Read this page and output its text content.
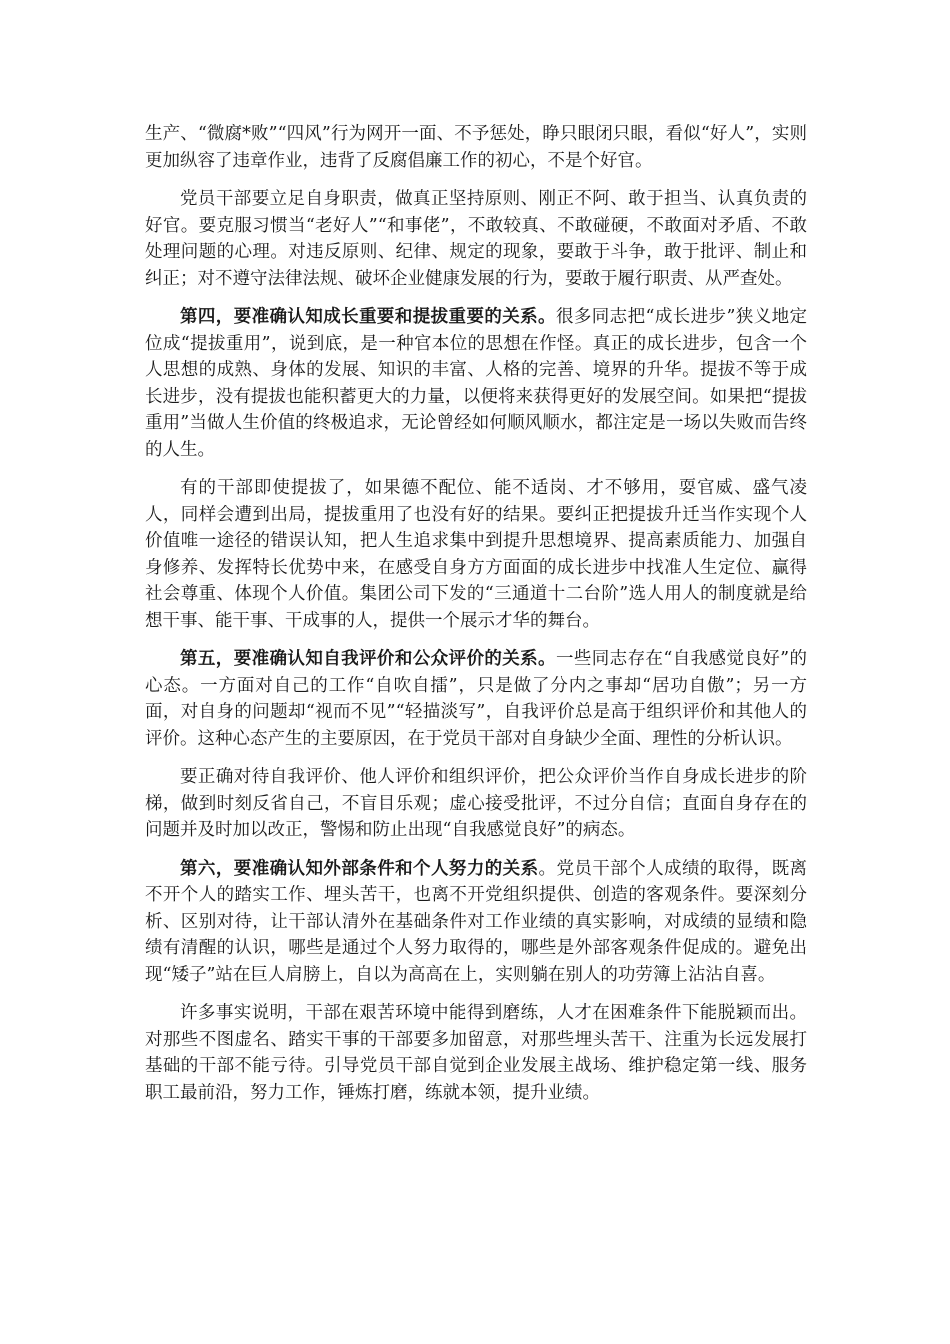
生产、“微腐*败”“四风”行为网开一面、不予惩处，睁只眼闭只眼，看似“好人”，实则更加纵容了违章作业，违背了反腐倡廉工作的初心，不是个好官。

党员干部要立足自身职责，做真正坚持原则、刚正不阿、敢于担当、认真负责的好官。要克服习惯当“老好人”“和事佬”，不敢较真、不敢碰硬，不敢面对矛盾、不敢处理问题的心理。对违反原则、纪律、规定的现象，要敢于斗争，敢于批评、制止和纠正；对不遵守法律法规、破坏企业健康发展的行为，要敢于履行职责、从严查处。

第四，要准确认知成长重要和提拔重要的关系。很多同志把“成长进步”狭义地定位成“提拔重用”，说到底，是一种官本位的思想在作怪。真正的成长进步，包含一个人思想的成熟、身体的发展、知识的丰富、人格的完善、境界的升华。提拔不等于成长进步，没有提拔也能积蓄更大的力量，以便将来获得更好的发展空间。如果把“提拔重用”当做人生价值的终极追求，无论曾经如何顺风顺水，都注定是一场以失败而告终的人生。

有的干部即使提拔了，如果德不配位、能不适岗、才不够用，耍官威、盛气凌人，同样会遭到出局，提拔重用了也没有好的结果。要纠正把提拔升迁当作实现个人价值唯一途径的错误认知，把人生追求集中到提升思想境界、提高素质能力、加强自身修养、发挥特长优势中来，在感受自身方方面面的成长进步中找准人生定位、赢得社会尊重、体现个人价值。集团公司下发的“三通道十二台阶”选人用人的制度就是给想干事、能干事、干成事的人，提供一个展示才华的舞台。

第五，要准确认知自我评价和公众评价的关系。一些同志存在“自我感觉良好”的心态。一方面对自己的工作“自吹自擂”，只是做了分内之事却“居功自傲”；另一方面，对自身的问题却“视而不见”“轻描淡写”，自我评价总是高于组织评价和其他人的评价。这种心态产生的主要原因，在于党员干部对自身缺少全面、理性的分析认识。

要正确对待自我评价、他人评价和组织评价，把公众评价当作自身成长进步的阶梯，做到时刻反省自己，不盲目乐观；虚心接受批评，不过分自信；直面自身存在的问题并及时加以改正，警惕和防止出现“自我感觉良好”的病态。

第六，要准确认知外部条件和个人努力的关系。党员干部个人成绩的取得，既离不开个人的踏实工作、埋头苦干，也离不开党组织提供、创造的客观条件。要深刻分析、区别对待，让干部认清外在基础条件对工作业绩的真实影响，对成绩的显绩和隐绩有清醒的认识，哪些是通过个人努力取得的，哪些是外部客观条件促成的。避免出现“矮子”站在巨人肩膀上，自以为高高在上，实则躺在别人的功劳簿上沾沾自喜。

许多事实说明，干部在艰苦环境中能得到磨练，人才在困难条件下能脱颖而出。对那些不图虚名、踏实干事的干部要多加留意，对那些埋头苦干、注重为长远发展打基础的干部不能亏待。引导党员干部自觉到企业发展主战场、维护稳定第一线、服务职工最前沿，努力工作，锤炼打磨，练就本领，提升业绩。
